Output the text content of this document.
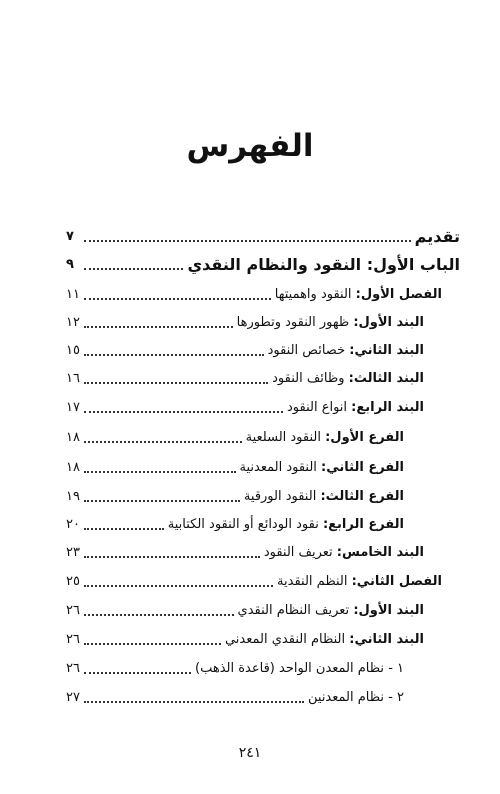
الفهرس
تقديم
٧
الباب الأول: النقود والنظام النقدي
٩
الفصل الأول: النقود واهميتها
١١
البند الأول: ظهور النقود وتطورها
١٢
البند الثاني: خصائص النقود
١٥
البند الثالث: وظائف النقود
١٦
البند الرابع: انواع النقود
١٧
الفرع الأول: النقود السلعية
١٨
الفرع الثاني: النقود المعدنية
١٨
الفرع الثالث: النقود الورقية
١٩
الفرع الرابع: نقود الودائع أو النقود الكتابية
٢٠
البند الخامس: تعريف النقود
٢٣
الفصل الثاني: النظم النقدية
٢٥
البند الأول: تعريف النظام النقدي
٢٦
البند الثاني: النظام النقدي المعدني
٢٦
١ - نظام المعدن الواحد (قاعدة الذهب)
٢٦
٢ - نظام المعدنين
٢٧
٢٤١
